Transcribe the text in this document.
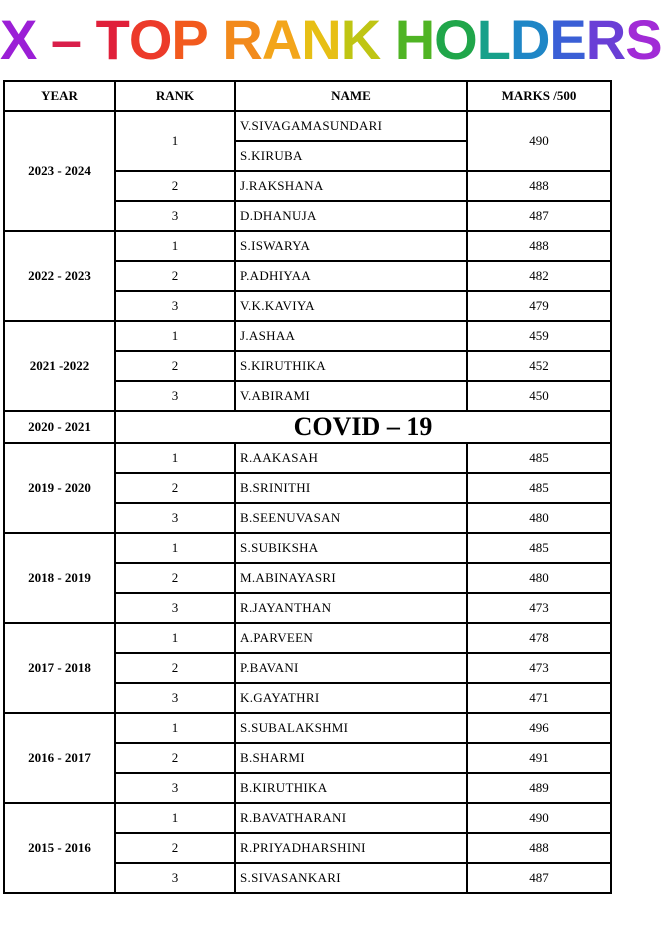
X – TOP RANK HOLDERS
YEAR	RANK	NAME	MARKS /500
2023 - 2024	1	V.SIVAGAMASUNDARI	490
		S.KIRUBA	
	2	J.RAKSHANA	488
	3	D.DHANUJA	487
2022 - 2023	1	S.ISWARYA	488
	2	P.ADHIYAA	482
	3	V.K.KAVIYA	479
2021 -2022	1	J.ASHAA	459
	2	S.KIRUTHIKA	452
	3	V.ABIRAMI	450
2020 - 2021	COVID – 19		
2019 - 2020	1	R.AAKASAH	485
	2	B.SRINITHI	485
	3	B.SEENUVASAN	480
2018 - 2019	1	S.SUBIKSHA	485
	2	M.ABINAYASRI	480
	3	R.JAYANTHAN	473
2017 - 2018	1	A.PARVEEN	478
	2	P.BAVANI	473
	3	K.GAYATHRI	471
2016 - 2017	1	S.SUBALAKSHMI	496
	2	B.SHARMI	491
	3	B.KIRUTHIKA	489
2015 - 2016	1	R.BAVATHARANI	490
	2	R.PRIYADHARSHINI	488
	3	S.SIVASANKARI	487
